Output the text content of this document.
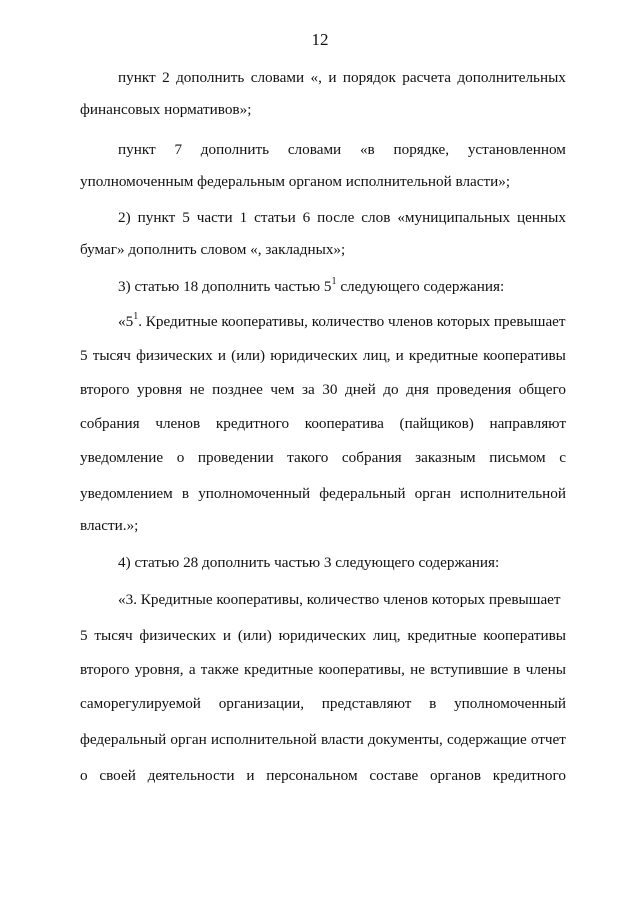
12
пункт 2 дополнить словами «, и порядок расчета дополнительных
финансовых нормативов»;
пункт 7 дополнить словами «в порядке, установленном
уполномоченным федеральным органом исполнительной власти»;
2) пункт 5 части 1 статьи 6 после слов «муниципальных ценных
бумаг» дополнить словом «, закладных»;
3) статью 18 дополнить частью $5^1$ следующего содержания:
«$5^1$. Кредитные кооперативы, количество членов которых превышает
5 тысяч физических и (или) юридических лиц, и кредитные кооперативы
второго уровня не позднее чем за 30 дней до дня проведения общего
собрания членов кредитного кооператива (пайщиков) направляют
уведомление о проведении такого собрания заказным письмом с
уведомлением в уполномоченный федеральный орган исполнительной
власти.»;
4) статью 28 дополнить частью 3 следующего содержания:
«3. Кредитные кооперативы, количество членов которых превышает
5 тысяч физических и (или) юридических лиц, кредитные кооперативы
второго уровня, а также кредитные кооперативы, не вступившие в члены
саморегулируемой организации, представляют в уполномоченный
федеральный орган исполнительной власти документы, содержащие отчет
о своей деятельности и персональном составе органов кредитного
